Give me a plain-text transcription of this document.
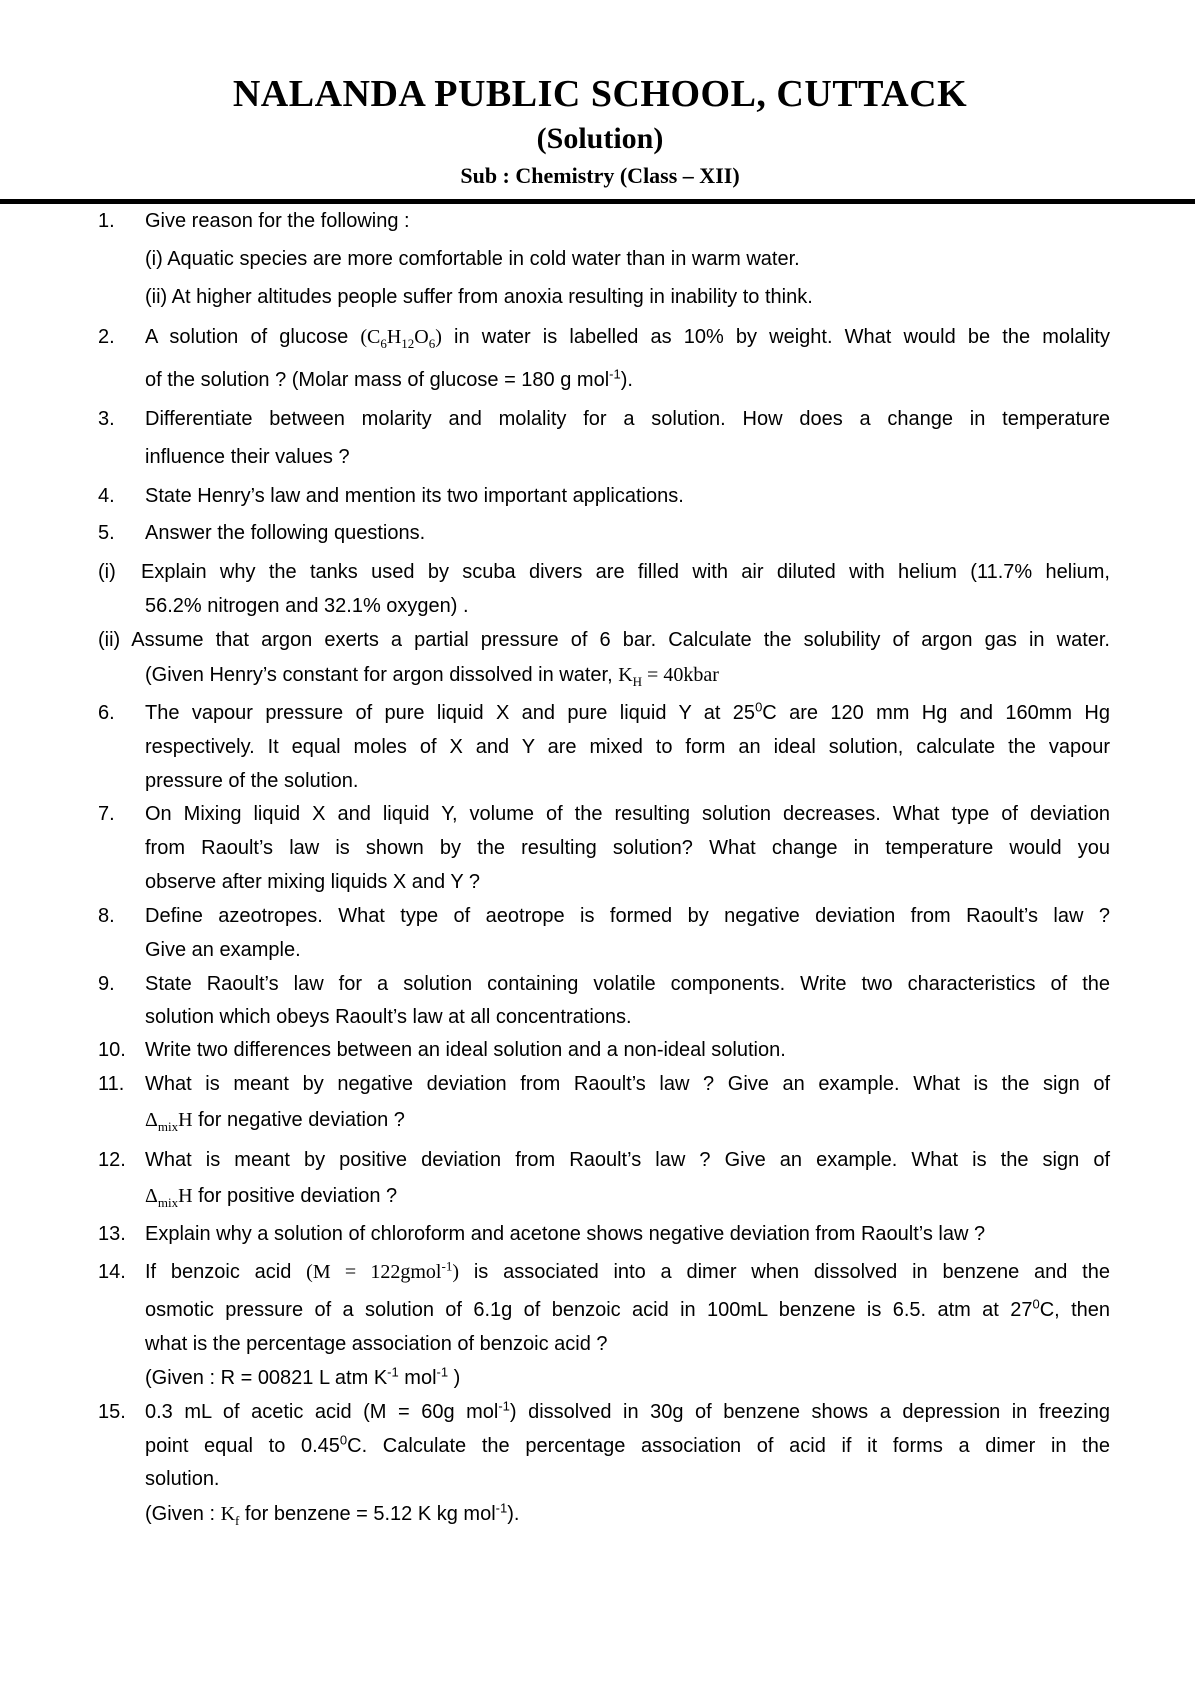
NALANDA PUBLIC SCHOOL, CUTTACK
(Solution)
Sub : Chemistry (Class – XII)
1. Give reason for the following :
(i) Aquatic species are more comfortable in cold water than in warm water.
(ii) At higher altitudes people suffer from anoxia resulting in inability to think.
2. A solution of glucose $(C_6H_{12}O_6)$ in water is labelled as 10% by weight. What would be the molality
of the solution ? (Molar mass of glucose = 180 g mol$^{-1}$).
3. Differentiate between molarity and molality for a solution. How does a change in temperature
influence their values ?
4. State Henry’s law and mention its two important applications.
5. Answer the following questions.
(i) Explain why the tanks used by scuba divers are filled with air diluted with helium (11.7% helium,
56.2% nitrogen and 32.1% oxygen) .
(ii) Assume that argon exerts a partial pressure of 6 bar. Calculate the solubility of argon gas in water.
(Given Henry’s constant for argon dissolved in water, $K_H$ = 40kbar
6. The vapour pressure of pure liquid X and pure liquid Y at $25^0C$ are 120 mm Hg and 160mm Hg
respectively. It equal moles of X and Y are mixed to form an ideal solution, calculate the vapour
pressure of the solution.
7. On Mixing liquid X and liquid Y, volume of the resulting solution decreases. What type of deviation
from Raoult’s law is shown by the resulting solution? What change in temperature would you
observe after mixing liquids X and Y ?
8. Define azeotropes. What type of aeotrope is formed by negative deviation from Raoult’s law ?
Give an example.
9. State Raoult’s law for a solution containing volatile components. Write two characteristics of the
solution which obeys Raoult’s law at all concentrations.
10. Write two differences between an ideal solution and a non-ideal solution.
11. What is meant by negative deviation from Raoult’s law ? Give an example. What is the sign of
$\Delta_{mix}H$ for negative deviation ?
12. What is meant by positive deviation from Raoult’s law ? Give an example. What is the sign of
$\Delta_{mix}H$ for positive deviation ?
13. Explain why a solution of chloroform and acetone shows negative deviation from Raoult’s law ?
14. If benzoic acid (M = 122gmol$^{-1}$) is associated into a dimer when dissolved in benzene and the
osmotic pressure of a solution of 6.1g of benzoic acid in 100mL benzene is 6.5. atm at $27^0C$, then
what is the percentage association of benzoic acid ?
(Given : R = 00821 L atm $K^{-1}$ mol$^{-1}$ )
15. 0.3 mL of acetic acid (M = 60g mol$^{-1}$) dissolved in 30g of benzene shows a depression in freezing
point equal to 0.45$^0$C. Calculate the percentage association of acid if it forms a dimer in the
solution.
(Given : $K_f$ for benzene = 5.12 K kg mol$^{-1}$).
